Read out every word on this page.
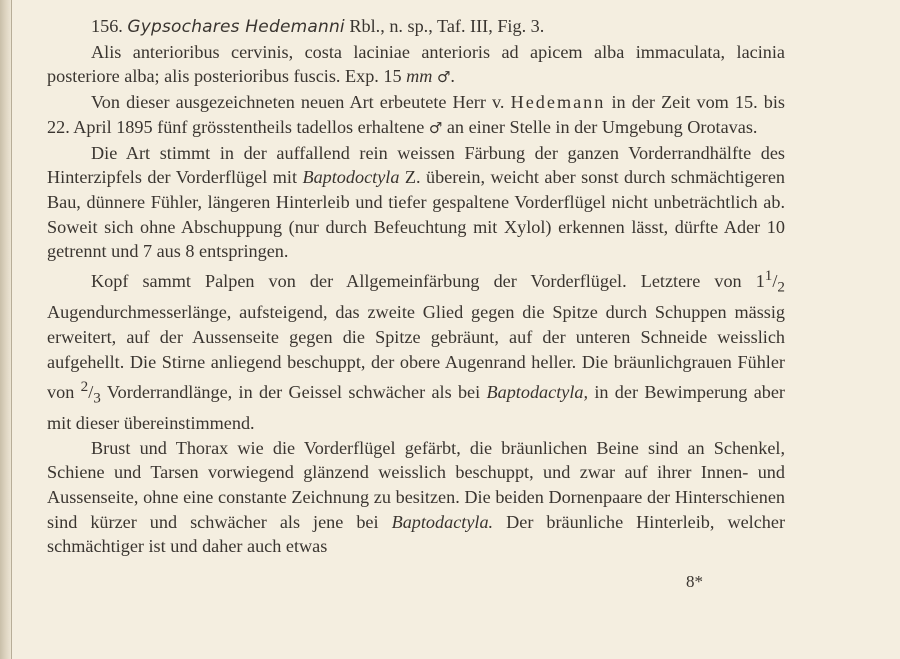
156. Gypsochares Hedemanni Rbl., n. sp., Taf. III, Fig. 3.

Alis anterioribus cervinis, costa laciniae anterioris ad apicem alba immaculata, lacinia posteriore alba; alis posterioribus fuscis. Exp. 15 mm ♂.

Von dieser ausgezeichneten neuen Art erbeutete Herr v. Hedemann in der Zeit vom 15. bis 22. April 1895 fünf grösstentheils tadellos erhaltene ♂ an einer Stelle in der Umgebung Orotavas.

Die Art stimmt in der auffallend rein weissen Färbung der ganzen Vorderrandhälfte des Hinterzipfels der Vorderflügel mit Baptodoctyla Z. überein, weicht aber sonst durch schmächtigeren Bau, dünnere Fühler, längeren Hinterleib und tiefer gespaltene Vorderflügel nicht unbeträchtlich ab. Soweit sich ohne Abschuppung (nur durch Befeuchtung mit Xylol) erkennen lässt, dürfte Ader 10 getrennt und 7 aus 8 entspringen.

Kopf sammt Palpen von der Allgemeinfärbung der Vorderflügel. Letztere von $1^1/_2$ Augendurchmesserlänge, aufsteigend, das zweite Glied gegen die Spitze durch Schuppen mässig erweitert, auf der Aussenseite gegen die Spitze gebräunt, auf der unteren Schneide weisslich aufgehellt. Die Stirne anliegend beschuppt, der obere Augenrand heller. Die bräunlichgrauen Fühler von $^2/_3$ Vorderrandlänge, in der Geissel schwächer als bei Baptodactyla, in der Bewimperung aber mit dieser übereinstimmend.

Brust und Thorax wie die Vorderflügel gefärbt, die bräunlichen Beine sind an Schenkel, Schiene und Tarsen vorwiegend glänzend weisslich beschuppt, und zwar auf ihrer Innen- und Aussenseite, ohne eine constante Zeichnung zu besitzen. Die beiden Dornenpaare der Hinterschienen sind kürzer und schwächer als jene bei Baptodactyla. Der bräunliche Hinterleib, welcher schmächtiger ist und daher auch etwas

8*
